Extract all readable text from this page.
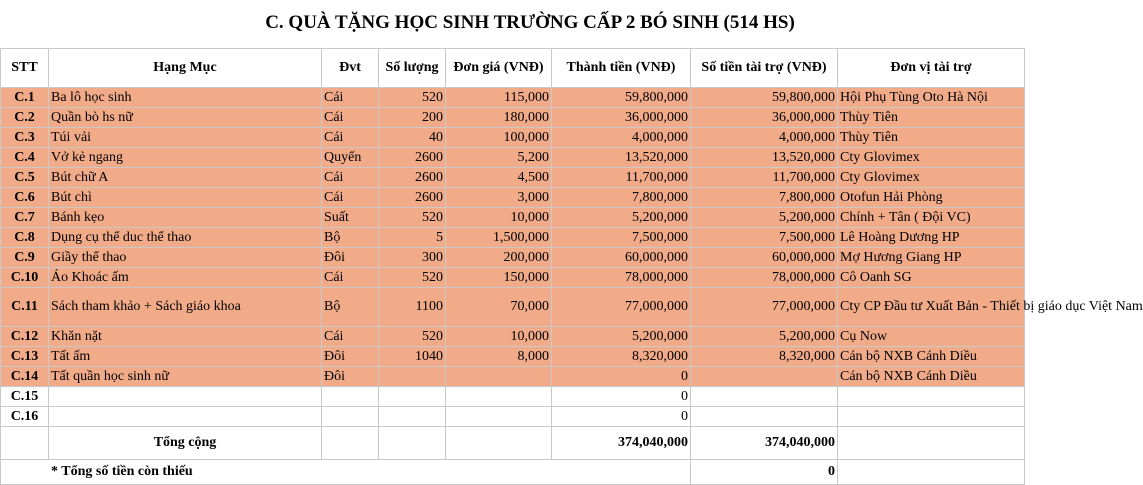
C. QUÀ TẶNG HỌC SINH TRƯỜNG CẤP 2 BÓ SINH (514 HS)
STT	Hạng Mục	Đvt	Số lượng	Đơn giá (VNĐ)	Thành tiền (VNĐ)	Số tiền tài trợ (VNĐ)	Đơn vị tài trợ
C.1	Ba lô học sinh	Cái	520	115,000	59,800,000	59,800,000	Hội Phụ Tùng Oto Hà Nội
C.2	Quần bò hs nữ	Cái	200	180,000	36,000,000	36,000,000	Thùy Tiên
C.3	Túi vải	Cái	40	100,000	4,000,000	4,000,000	Thùy Tiên
C.4	Vở kẻ ngang	Quyển	2600	5,200	13,520,000	13,520,000	Cty Glovimex
C.5	Bút chữ A	Cái	2600	4,500	11,700,000	11,700,000	Cty Glovimex
C.6	Bút chì	Cái	2600	3,000	7,800,000	7,800,000	Otofun Hải Phòng
C.7	Bánh kẹo	Suất	520	10,000	5,200,000	5,200,000	Chính + Tân ( Đội VC)
C.8	Dụng cụ thể duc thể thao	Bộ	5	1,500,000	7,500,000	7,500,000	Lê Hoàng Dương HP
C.9	Giầy thể thao	Đôi	300	200,000	60,000,000	60,000,000	Mợ Hương Giang HP
C.10	Áo Khoác ấm	Cái	520	150,000	78,000,000	78,000,000	Cô Oanh SG
C.11	Sách tham khảo + Sách giáo khoa	Bộ	1100	70,000	77,000,000	77,000,000	Cty CP Đầu tư Xuất Bản - Thiết bị giáo dục Việt Nam
C.12	Khăn nặt	Cái	520	10,000	5,200,000	5,200,000	Cụ Now
C.13	Tất ấm	Đôi	1040	8,000	8,320,000	8,320,000	Cán bộ NXB Cánh Diều
C.14	Tất quần học sinh nữ	Đôi			0		Cán bộ NXB Cánh Diều
C.15					0		
C.16					0		
	Tổng cộng				374,040,000	374,040,000	
* Tổng số tiền còn thiếu						0	
